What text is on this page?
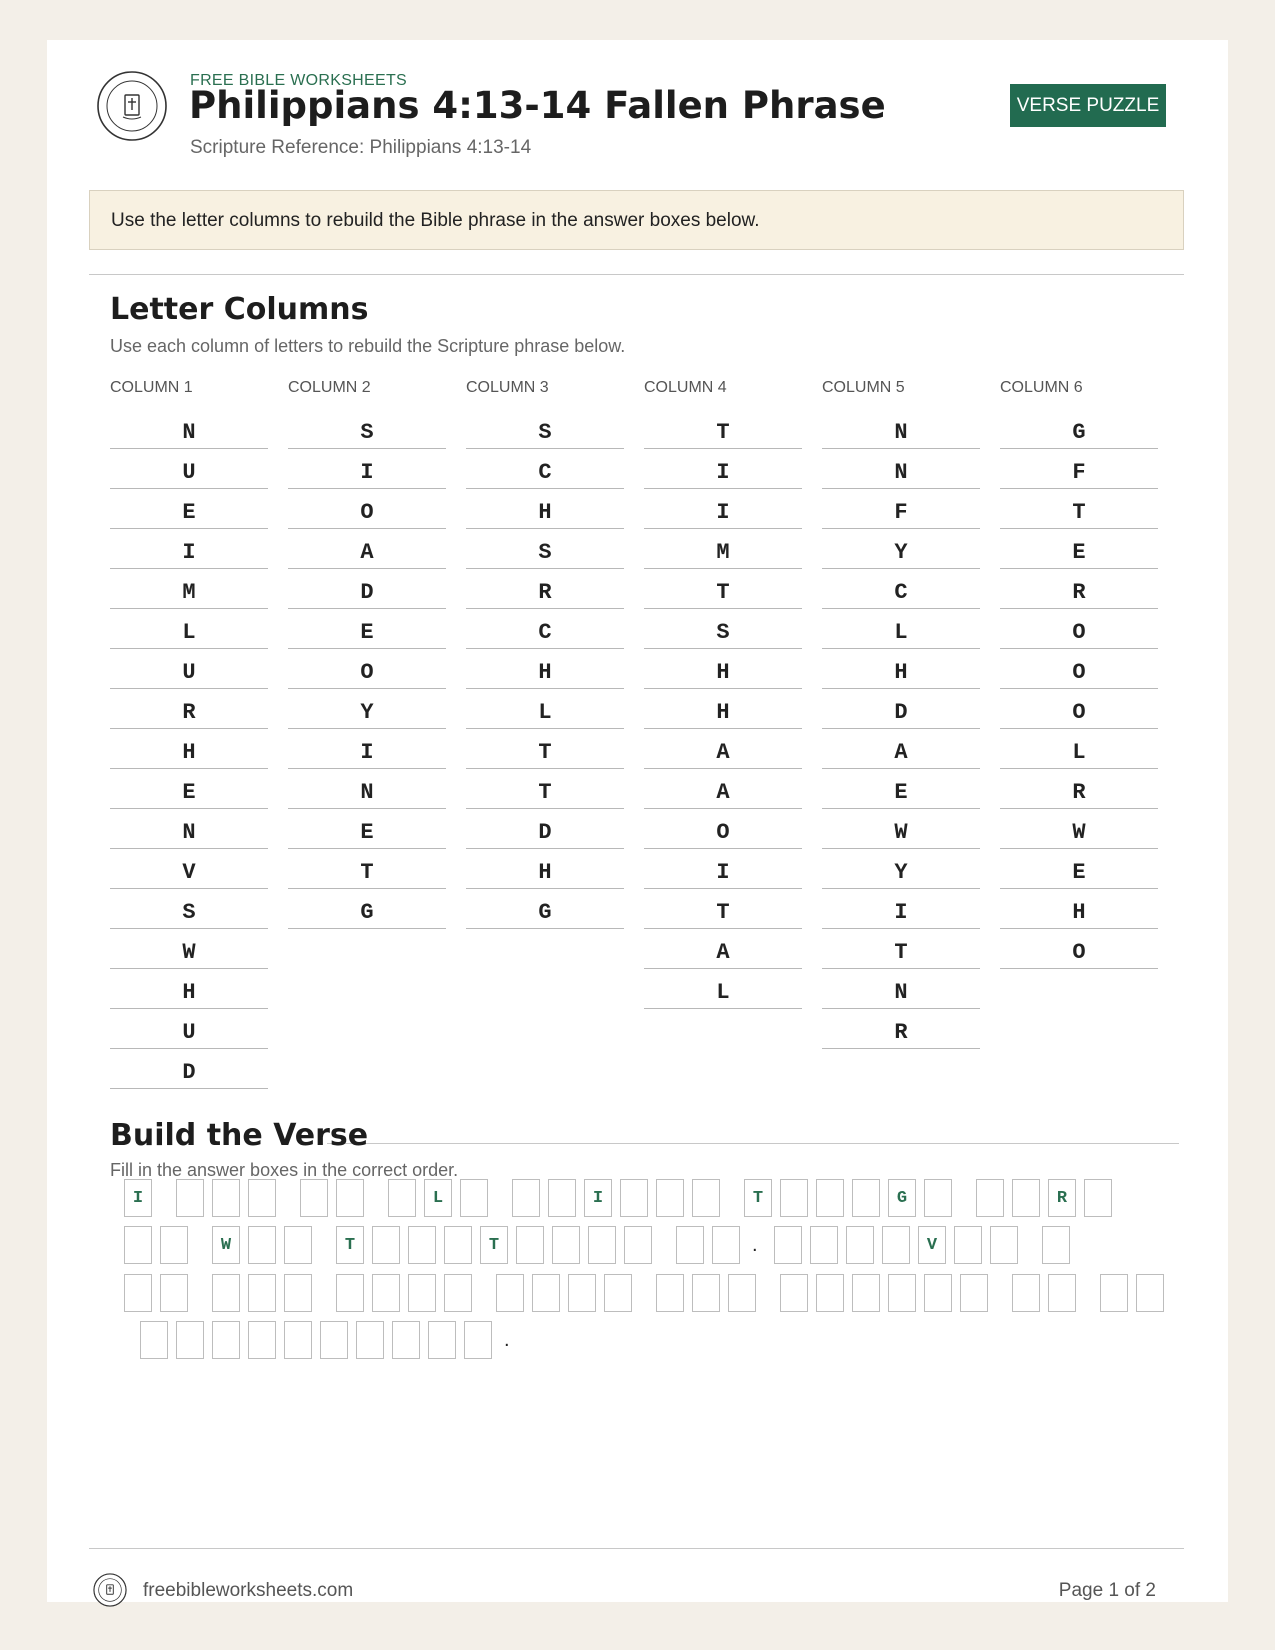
FREE BIBLE WORKSHEETS
Philippians 4:13-14 Fallen Phrase
Scripture Reference: Philippians 4:13-14
VERSE PUZZLE
Use the letter columns to rebuild the Bible phrase in the answer boxes below.
Letter Columns
Use each column of letters to rebuild the Scripture phrase below.
COLUMN 1
N
U
E
I
M
L
U
R
H
E
N
V
S
W
H
U
D
COLUMN 2
S
I
O
A
D
E
O
Y
I
N
E
T
G
COLUMN 3
S
C
H
S
R
C
H
L
T
T
D
H
G
COLUMN 4
T
I
I
M
T
S
H
H
A
A
O
I
T
A
L
COLUMN 5
N
N
F
Y
C
L
H
D
A
E
W
Y
I
T
N
R
COLUMN 6
G
F
T
E
R
O
O
O
L
R
W
E
H
O
Build the Verse
Fill in the answer boxes in the correct order.
I	L	I	T	G	R
W	T	T	.	V
.
freebibleworksheets.com	Page 1 of 2
